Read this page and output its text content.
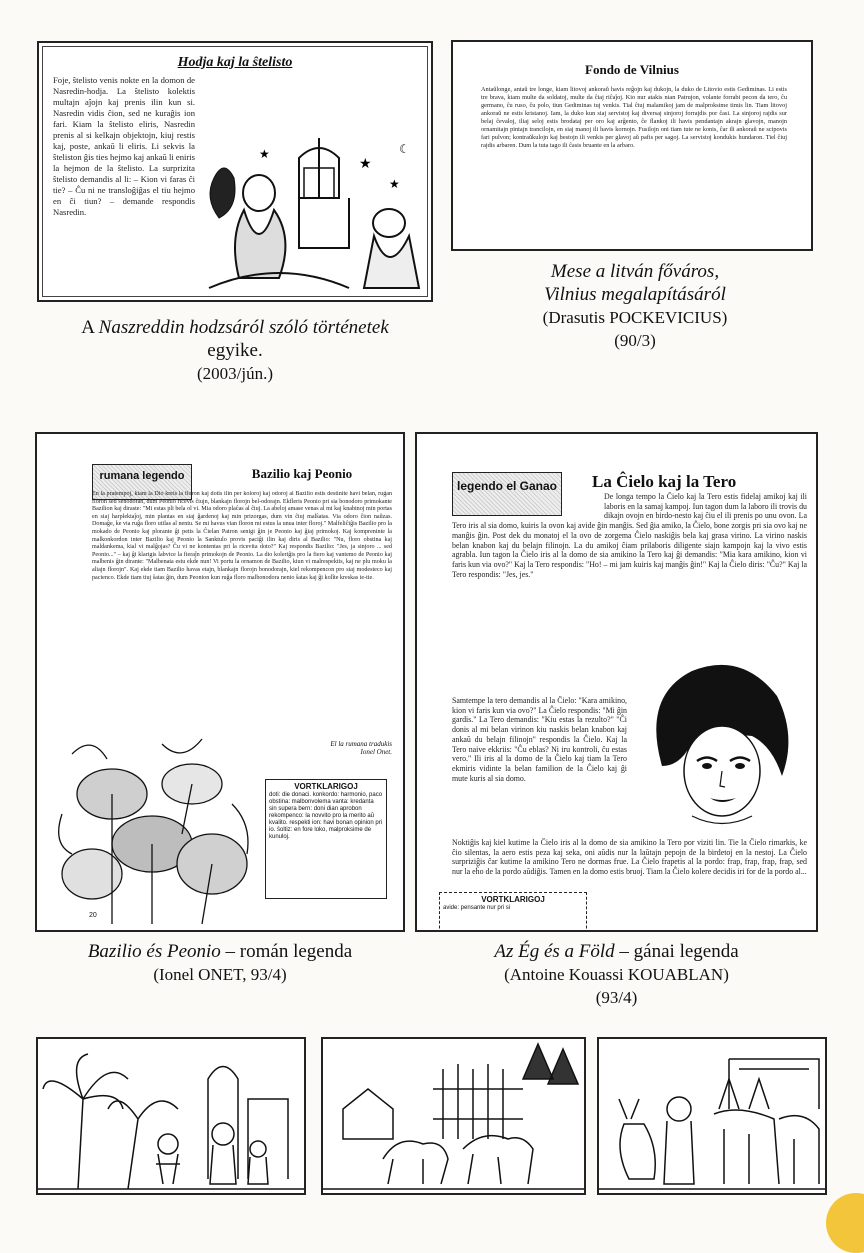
Hodja kaj la ŝtelisto
Foje, ŝtelisto venis nokte en la domon de Nasredin-hodja. La ŝtelisto kolektis multajn aĵojn kaj prenis ilin kun si. Nasredin vidis ĉion, sed ne kuraĝis ion fari. Kiam la ŝtelisto eliris, Nasredin prenis al si kelkajn objektojn, kiuj restis kaj, poste, ankaŭ li eliris. Li sekvis la ŝteliston ĝis ties hejmo kaj ankaŭ li eniris la hejmon de la ŝtelisto. La surprizita ŝtelisto demandis al li: – Kion vi faras ĉi tie? – Ĉu ni ne transloĝiĝas el tiu hejmo en ĉi tiun? – demande respondis Nasredin.
★
★
★	☾
A Naszreddin hodzsáról szóló történetek
egyike.
(2003/jún.)
Fondo de Vilnius
Antaŭlonge, antaŭ tre longe, kiam litovoj ankoraŭ havis reĝojn kaj dukojn, la duko de Litovio estis Gediminas. Li estis tre brava, kiam multe da soldatoj, multe da ĉiaj riĉaĵoj. Kio nur atakis nian Patrujon, volante forrabi pecon da tero, ĉu germano, ĉu ruso, ĉu polo, tiun Gediminas tuj venkis. Tial ĉiuj malamikoj jam de malproksime timis lin. Tiam litovoj ankoraŭ ne estis kristanoj. Iam, la duko kun siaj servistoj kaj diversaj sinjoroj forrajdis por ĉasi. La sinjoroj rajdis sur belaj ĉevaloj, iliaj seloj estis brodataj per oro kaj arĝento, ĉe flankoj ili havis pendantajn akrajn glavojn, manojn ornamitajn pintajn trancilojn, en siaj manoj ili havis kornojn. Fusilojn oni tiam tute ne konis, ĉar ili ankoraŭ ne scipovis fari pulvon; kontraŭkulojn kaj bestojn ili venkis per glavoj aŭ pafis per sagoj. La servistoj kondukis hundaron. Tiel ĉiuj rajdis arbaren. Dum la tuta tago ili ĉasis bruante en la arbaro.
Mese a litván főváros,
Vilnius megalapításáról
(Drasutis POCKEVICIUS)
(90/3)
rumana legendo	Bazilio kaj Peonio
En la pratempoj, kiam la Dio kreis la floron kaj dotis ilin per koloroj kaj odoroj al Bazilio estis destinite havi belan, ruĝan floron sed senodoran, dum Peonio ricevis ĉiujn, blankajn florojn bel-odorajn. Ekfleris Peonio pri sia bonodoro primokante Bazilion kaj diraste: "Mi estas pli bela ol vi. Mia odoro plaĉas al ĉiuj. La abeloj amase venas al mi kaj knabinoj min portas en siaj harplektaĵoj, min plantas en siaj ĝardenoj kaj min prizorgas, dum vin ĉiuj malŝatas. Via odoro ĉion naŭzas. Domaĝe, ke via ruĝa floro utilas al neniu. Se mi havus vian floron mi estus la unua inter floroj." Malfeliĉiĝis Bazilio pro la mokado de Peonio kaj plorante ĝi petis la Ĉielan Patron senigi ĝin je Peonio kaj ĝiaj primokoj. Kaj kompreninte la malkonkordon inter Bazilio kaj Peonio la Sanktulo provis paciĝi ilin kaj diris al Bazilio: "Nu, floro obstina kaj maldankema, kial vi malĝojas? Ĉu vi ne kontentas pri la ricevita doto?" Kaj respondis Bazilio: "Jes, ja sinjoro ... sed Peonio..." – kaj ĝi klarigis labvice la fieraĵn primokojn de Peonio. La dio koleriĝis pro la fiero kaj vantemo de Peonio kaj malbenis ĝin dirante: "Malbenata estu ekde nun! Vi portu la ornamon de Bazilio, kiun vi malrespektis, kaj ne plu moku la aliajn florojn". Kaj ekde tiam Bazilio havas etajn, blankajn florojn bonodorajn, kiel rekompencon pro siaj modesteco kaj pacienco. Ekde tiam tiuj ŝatas ĝin, dum Peonion kun ruĝa floro malbonodora nenio ŝatas kaj ĝi kolîte kreskas ie-tie.
El la rumana tradukis
Ionel Onet.
VORTKLARIGOJ
doti: die donaci. konkordo: harmonio, paco obstina: malbonvolema vanta: kredanta sin supera bern: doni dian aprobon rekompenco: la novvito pro la merito aŭ kvalito. respekti ion: havi bonan opinion pri io. ŝoltiz: en fore loko, malproksime de kunuloj.
20
Bazilio és Peonio – román legenda
(Ionel ONET, 93/4)
legendo el Ganao La Ĉielo kaj la Tero
De longa tempo la Ĉielo kaj la Tero estis fidelaj amikoj kaj ili laboris en la samaj kampoj. Iun tagon dum la laboro ili trovis du dikajn ovojn en birdo-nesto kaj ĉiu el ili prenis po unu ovon. La Tero iris al sia domo, kuiris la ovon kaj avide ĝin manĝis. Sed ĝia amiko, la Ĉielo, bone zorgis pri sia ovo kaj ne manĝis ĝin. Post dek du monatoj el la ovo de zorgema Ĉielo naskiĝis bela kaj grasa virino. La virino naskis belan knabon kaj du belajn filinojn. La du amikoj ĉiam prilaboris diligente siajn kampojn kaj la vivo estis agrabla. Iun tagon la Ĉielo iris al la domo de sia amikino la Tero kaj ĝi demandis: "Mia kara amikino, kion vi faris kun via ovo?" Kaj la Tero respondis: "Ho! – mi jam kuiris kaj manĝis ĝin!" Kaj la Ĉielo diris: "Ĉu?" Kaj la Tero respondis: "Jes, jes."
Samtempe la tero demandis al la Ĉielo: "Kara amikino, kion vi faris kun via ovo?" La Ĉielo respondis: "Mi ĝin gardis." La Tero demandis: "Kiu estas la rezulto?" "Ĉi donis al mi belan virinon kiu naskis belan knabon kaj ankaŭ du belajn filinojn" respondis la Ĉielo. Kaj la Tero naive ekkriis: "Ĉu eblas? Ni iru kontroli, ĉu estas vero." Ili iris al la domo de la Ĉielo kaj tiam la Tero ekmiris vidinte la belan familion de la Ĉielo kaj ĝi mute kuris al sia domo.
Noktiĝis kaj kiel kutime la Ĉielo iris al la domo de sia amikino la Tero por viziti lin. Tie la Ĉielo rimarkis, ke ĉio silentas, la aero estis peza kaj seka, oni aŭdis nur la laŭtajn pepojn de la birdetoj en la nestoj. La Ĉielo surpriziĝis ĉar kutime la amikino Tero ne dormas frue. La Ĉielo frapetis al la pordo: frap, frap, frap, frap, sed nur la eĥo de la pordo aŭdiĝis. Tamen en la domo estis bruoj. Tiam la Ĉielo kolere decidis iri for de la pordo al...
VORTKLARIGOJ
avide: pensante nur pri si
Az Ég és a Föld – gánai legenda
(Antoine Kouassi KOUABLAN)
(93/4)
